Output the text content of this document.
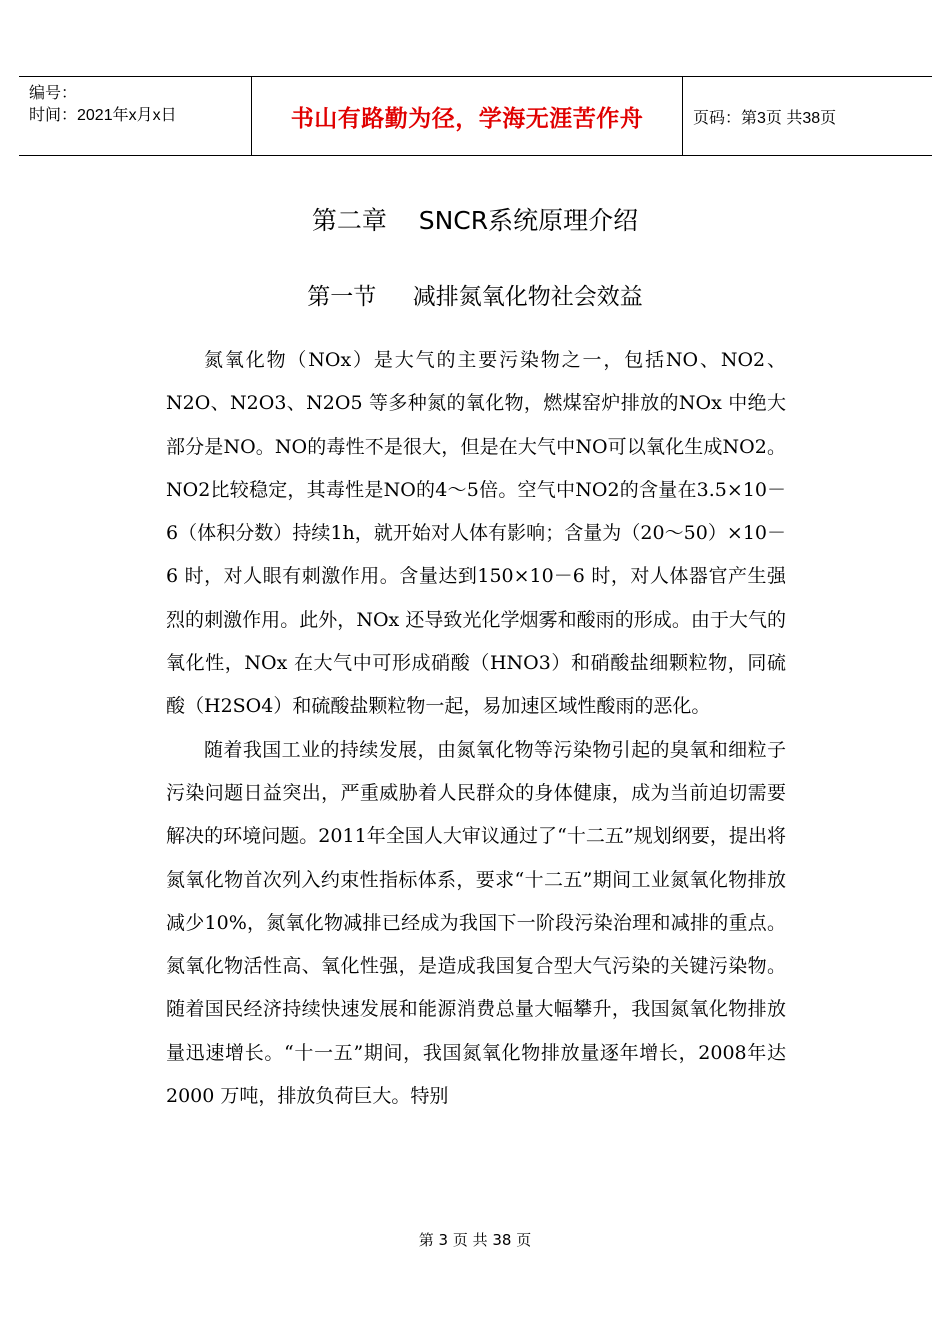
编号：
时间：2021年x月x日	书山有路勤为径，学海无涯苦作舟	页码：第3页 共38页
第二章    SNCR系统原理介绍
第一节     减排氮氧化物社会效益

氮氧化物（NOx）是大气的主要污染物之一，包括NO、NO2、N2O、N2O3、N2O5 等多种氮的氧化物，燃煤窑炉排放的NOx 中绝大部分是NO。NO的毒性不是很大，但是在大气中NO可以氧化生成NO2。NO2比较稳定，其毒性是NO的4～5倍。空气中NO2的含量在3.5×10－6（体积分数）持续1h，就开始对人体有影响；含量为（20～50）×10－6 时，对人眼有刺激作用。含量达到150×10－6 时，对人体器官产生强烈的刺激作用。此外，NOx 还导致光化学烟雾和酸雨的形成。由于大气的氧化性，NOx 在大气中可形成硝酸（HNO3）和硝酸盐细颗粒物，同硫酸（H2SO4）和硫酸盐颗粒物一起，易加速区域性酸雨的恶化。

随着我国工业的持续发展，由氮氧化物等污染物引起的臭氧和细粒子污染问题日益突出，严重威胁着人民群众的身体健康，成为当前迫切需要解决的环境问题。2011年全国人大审议通过了“十二五”规划纲要，提出将氮氧化物首次列入约束性指标体系，要求“十二五”期间工业氮氧化物排放减少10%，氮氧化物减排已经成为我国下一阶段污染治理和减排的重点。氮氧化物活性高、氧化性强，是造成我国复合型大气污染的关键污染物。随着国民经济持续快速发展和能源消费总量大幅攀升，我国氮氧化物排放量迅速增长。“十一五”期间，我国氮氧化物排放量逐年增长，2008年达2000 万吨，排放负荷巨大。特别

第 3 页 共 38 页
